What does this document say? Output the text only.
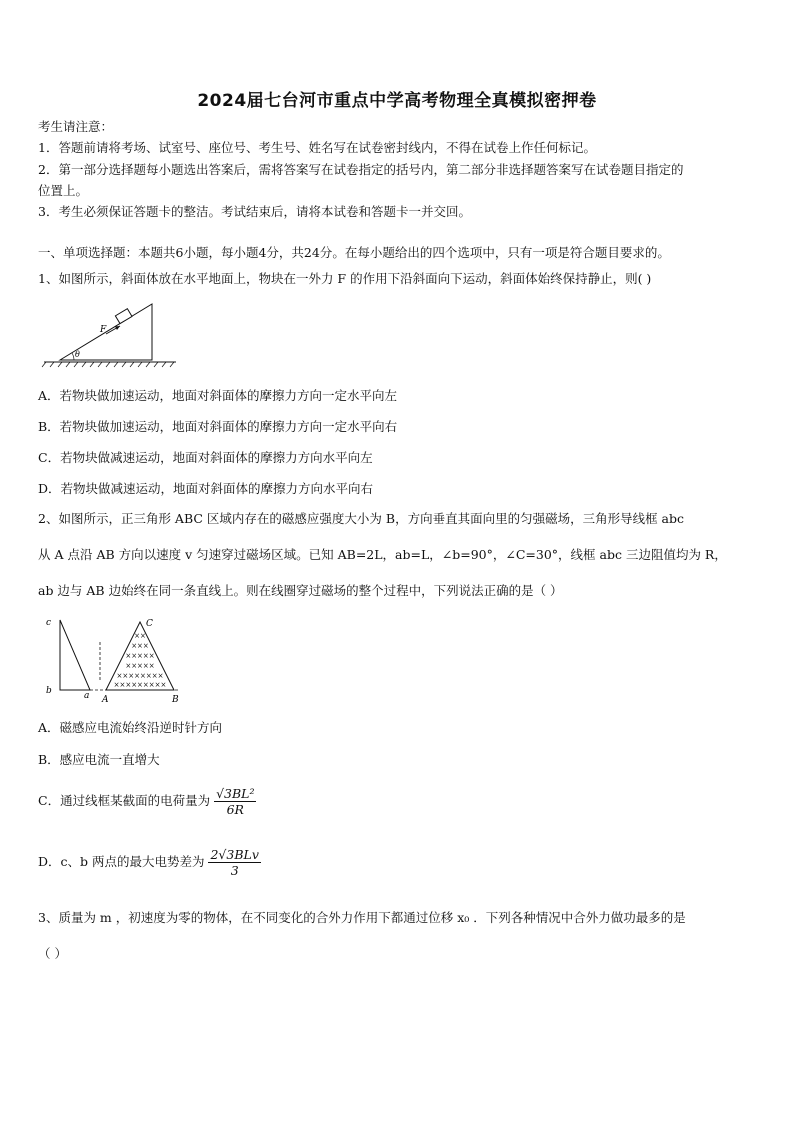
2024届七台河市重点中学高考物理全真模拟密押卷
考生请注意：
1．答题前请将考场、试室号、座位号、考生号、姓名写在试卷密封线内，不得在试卷上作任何标记。
2．第一部分选择题每小题选出答案后，需将答案写在试卷指定的括号内，第二部分非选择题答案写在试卷题目指定的
位置上。
3．考生必须保证答题卡的整洁。考试结束后，请将本试卷和答题卡一并交回。
一、单项选择题：本题共6小题，每小题4分，共24分。在每小题给出的四个选项中，只有一项是符合题目要求的。
1、如图所示，斜面体放在水平地面上，物块在一外力 F 的作用下沿斜面向下运动，斜面体始终保持静止，则( )
F
θ
A．若物块做加速运动，地面对斜面体的摩擦力方向一定水平向左
B．若物块做加速运动，地面对斜面体的摩擦力方向一定水平向右
C．若物块做减速运动，地面对斜面体的摩擦力方向水平向左
D．若物块做减速运动，地面对斜面体的摩擦力方向水平向右
2、如图所示，正三角形 ABC 区域内存在的磁感应强度大小为 B，方向垂直其面向里的匀强磁场，三角形导线框 abc
从 A 点沿 AB 方向以速度 v 匀速穿过磁场区域。已知 AB=2L，ab=L，∠b=90°，∠C=30°，线框 abc 三边阻值均为 R，
ab 边与 AB 边始终在同一条直线上。则在线圈穿过磁场的整个过程中，下列说法正确的是（ ）
c
b	a A	B
C
××
×××
×××××
×××××
××××××××
×××××××××
A．磁感应电流始终沿逆时针方向
B．感应电流一直增大
C．通过线框某截面的电荷量为 $\frac{\text{√3BL²}}{6R}$
D．c、b 两点的最大电势差为 $\frac{\text{2√3BLv}}{3}$
3、质量为 m ，初速度为零的物体，在不同变化的合外力作用下都通过位移 x₀ ．下列各种情况中合外力做功最多的是
（ ）
